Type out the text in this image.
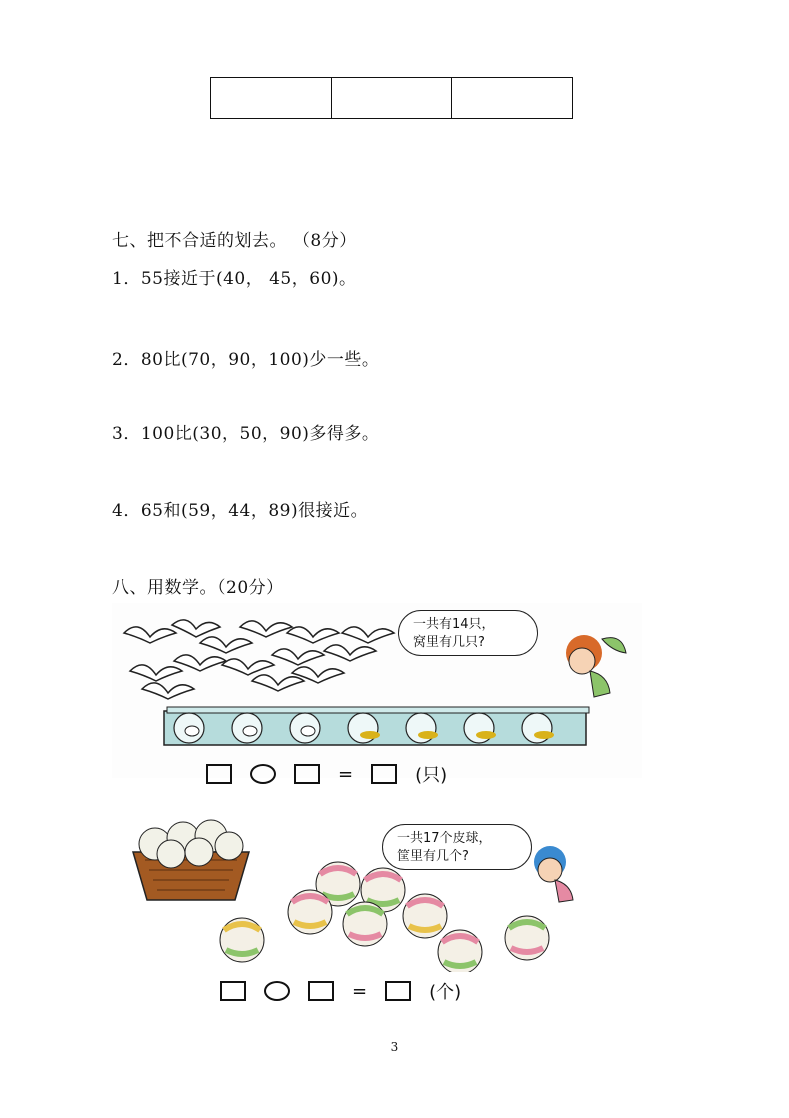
七、把不合适的划去。 （8分）
1．55接近于(40， 45，60)。
2．80比(70，90，100)少一些。
3．100比(30，50，90)多得多。
4．65和(59，44，89)很接近。
八、用数学。（20分）
一共有14只，
窝里有几只?
=	(只)
一共17个皮球，
筐里有几个?
=	(个)
3
